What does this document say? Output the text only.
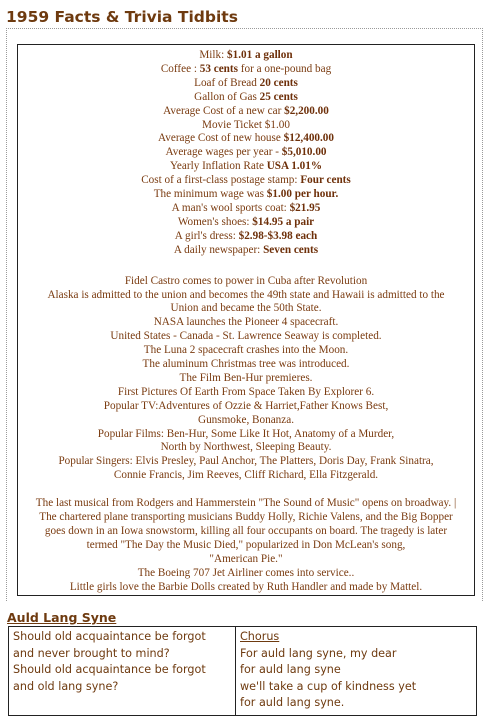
1959 Facts & Trivia Tidbits
Milk: $1.01 a gallon
Coffee : 53 cents for a one-pound bag
Loaf of Bread 20 cents
Gallon of Gas 25 cents
Average Cost of a new car $2,200.00
Movie Ticket $1.00
Average Cost of new house $12,400.00
Average wages per year - $5,010.00
Yearly Inflation Rate USA 1.01%
Cost of a first-class postage stamp: Four cents
The minimum wage was $1.00 per hour.
A man's wool sports coat: $21.95
Women's shoes: $14.95 a pair
A girl's dress: $2.98-$3.98 each
A daily newspaper: Seven cents
Fidel Castro comes to power in Cuba after Revolution
Alaska is admitted to the union and becomes the 49th state and Hawaii is admitted to the
Union and became the 50th State.
NASA launches the Pioneer 4 spacecraft.
United States - Canada - St. Lawrence Seaway is completed.
The Luna 2 spacecraft crashes into the Moon.
The aluminum Christmas tree was introduced.
The Film Ben-Hur premieres.
First Pictures Of Earth From Space Taken By Explorer 6.
Popular TV:Adventures of Ozzie & Harriet,Father Knows Best,
Gunsmoke, Bonanza.
Popular Films: Ben-Hur, Some Like It Hot, Anatomy of a Murder,
North by Northwest, Sleeping Beauty.
Popular Singers: Elvis Presley, Paul Anchor, The Platters, Doris Day, Frank Sinatra,
Connie Francis, Jim Reeves, Cliff Richard, Ella Fitzgerald.
The last musical from Rodgers and Hammerstein "The Sound of Music" opens on broadway. |
The chartered plane transporting musicians Buddy Holly, Richie Valens, and the Big Bopper
goes down in an Iowa snowstorm, killing all four occupants on board. The tragedy is later
termed "The Day the Music Died," popularized in Don McLean's song,
"American Pie."
The Boeing 707 Jet Airliner comes into service..
Little girls love the Barbie Dolls created by Ruth Handler and made by Mattel.
Auld Lang Syne
Should old acquaintance be forgot
and never brought to mind?
Should old acquaintance be forgot
and old lang syne?

Chorus
For auld lang syne, my dear
for auld lang syne
we'll take a cup of kindness yet
for auld lang syne.
